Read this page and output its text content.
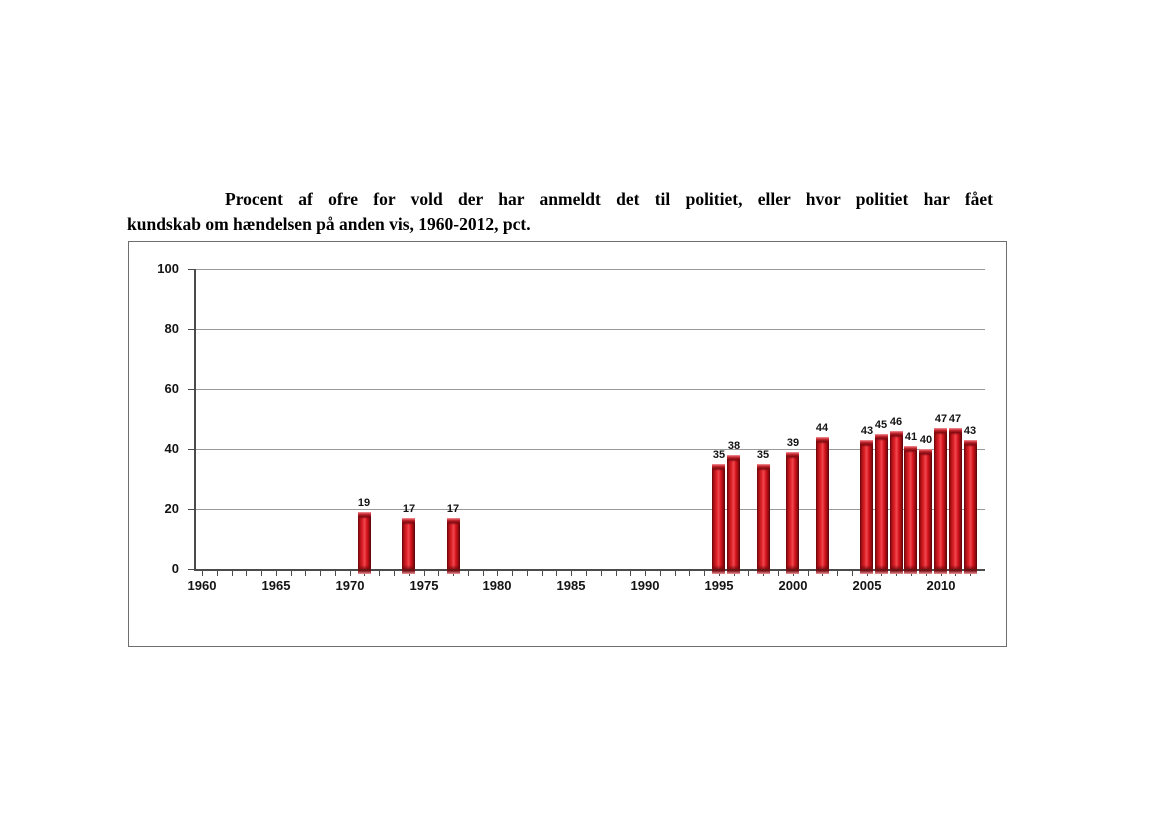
Procent af ofre for vold der har anmeldt det til politiet, eller hvor politiet har fået
kundskab om hændelsen på anden vis, 1960-2012, pct.
0
20
40
60
80
100
1960	1965	1970	1975	1980	1985	1990	1995	2000	2005	2010
19	17	17
35
38
35
39
44	43 45 46
41 40
47 47
43
